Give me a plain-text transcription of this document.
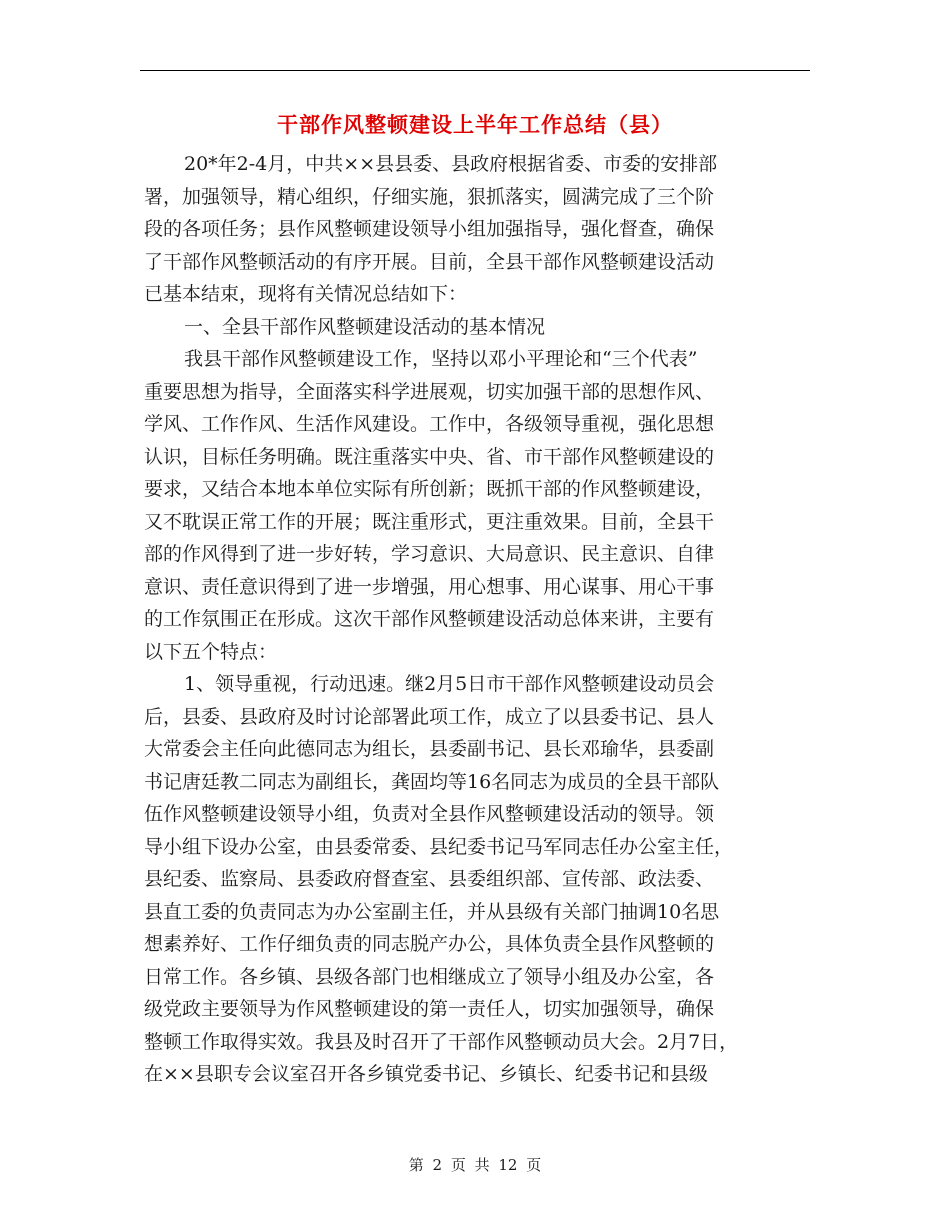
干部作风整顿建设上半年工作总结（县）
20*年2-4月，中共××县县委、县政府根据省委、市委的安排部
署，加强领导，精心组织，仔细实施，狠抓落实，圆满完成了三个阶
段的各项任务；县作风整顿建设领导小组加强指导，强化督查，确保
了干部作风整顿活动的有序开展。目前，全县干部作风整顿建设活动
已基本结束，现将有关情况总结如下：
一、全县干部作风整顿建设活动的基本情况
我县干部作风整顿建设工作，坚持以邓小平理论和“三个代表”
重要思想为指导，全面落实科学进展观，切实加强干部的思想作风、
学风、工作作风、生活作风建设。工作中，各级领导重视，强化思想
认识，目标任务明确。既注重落实中央、省、市干部作风整顿建设的
要求，又结合本地本单位实际有所创新；既抓干部的作风整顿建设，
又不耽误正常工作的开展；既注重形式，更注重效果。目前，全县干
部的作风得到了进一步好转，学习意识、大局意识、民主意识、自律
意识、责任意识得到了进一步增强，用心想事、用心谋事、用心干事
的工作氛围正在形成。这次干部作风整顿建设活动总体来讲，主要有
以下五个特点：
1、领导重视，行动迅速。继2月5日市干部作风整顿建设动员会
后，县委、县政府及时讨论部署此项工作，成立了以县委书记、县人
大常委会主任向此德同志为组长，县委副书记、县长邓瑜华，县委副
书记唐廷教二同志为副组长，龚固均等16名同志为成员的全县干部队
伍作风整顿建设领导小组，负责对全县作风整顿建设活动的领导。领
导小组下设办公室，由县委常委、县纪委书记马军同志任办公室主任，
县纪委、监察局、县委政府督查室、县委组织部、宣传部、政法委、
县直工委的负责同志为办公室副主任，并从县级有关部门抽调10名思
想素养好、工作仔细负责的同志脱产办公，具体负责全县作风整顿的
日常工作。各乡镇、县级各部门也相继成立了领导小组及办公室，各
级党政主要领导为作风整顿建设的第一责任人，切实加强领导，确保
整顿工作取得实效。我县及时召开了干部作风整顿动员大会。2月7日，
在××县职专会议室召开各乡镇党委书记、乡镇长、纪委书记和县级
第 2 页 共 12 页
